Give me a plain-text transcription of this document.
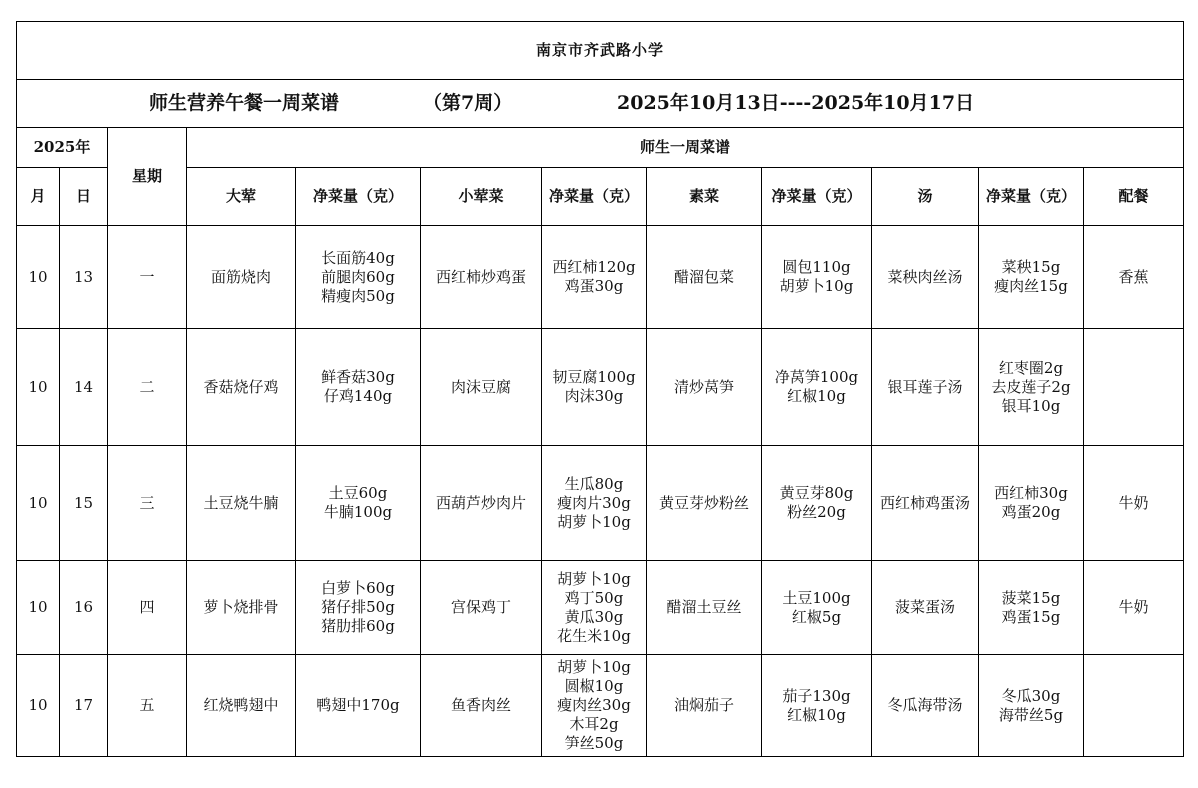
南京市齐武路小学											

师生营养午餐一周菜谱 （第7周） 2025年10月13日----2025年10月17日											

2025年		星期	师生一周菜谱								
月	日		大荤	净菜量（克）	小荤菜	净菜量（克）	素菜	净菜量（克）	汤	净菜量（克）	配餐
10	13	一	面筋烧肉	长面筋40g
前腿肉60g
精瘦肉50g	西红柿炒鸡蛋	西红柿120g
鸡蛋30g	醋溜包菜	圆包110g
胡萝卜10g	菜秧肉丝汤	菜秧15g
瘦肉丝15g	香蕉
10	14	二	香菇烧仔鸡	鲜香菇30g
仔鸡140g	肉沫豆腐	韧豆腐100g
肉沫30g	清炒莴笋	净莴笋100g
红椒10g	银耳莲子汤	红枣圈2g
去皮莲子2g
银耳10g	

10	15	三	土豆烧牛腩	土豆60g
牛腩100g	西葫芦炒肉片	生瓜80g
瘦肉片30g
胡萝卜10g	黄豆芽炒粉丝	黄豆芽80g
粉丝20g	西红柿鸡蛋汤	西红柿30g
鸡蛋20g	牛奶
10	16	四	萝卜烧排骨	白萝卜60g
猪仔排50g
猪肋排60g	宫保鸡丁	胡萝卜10g
鸡丁50g
黄瓜30g
花生米10g	醋溜土豆丝	土豆100g
红椒5g	菠菜蛋汤	菠菜15g
鸡蛋15g	牛奶
10	17	五	红烧鸭翅中	鸭翅中170g	鱼香肉丝	胡萝卜10g
圆椒10g
瘦肉丝30g
木耳2g
笋丝50g	油焖茄子	茄子130g
红椒10g	冬瓜海带汤	冬瓜30g
海带丝5g	
